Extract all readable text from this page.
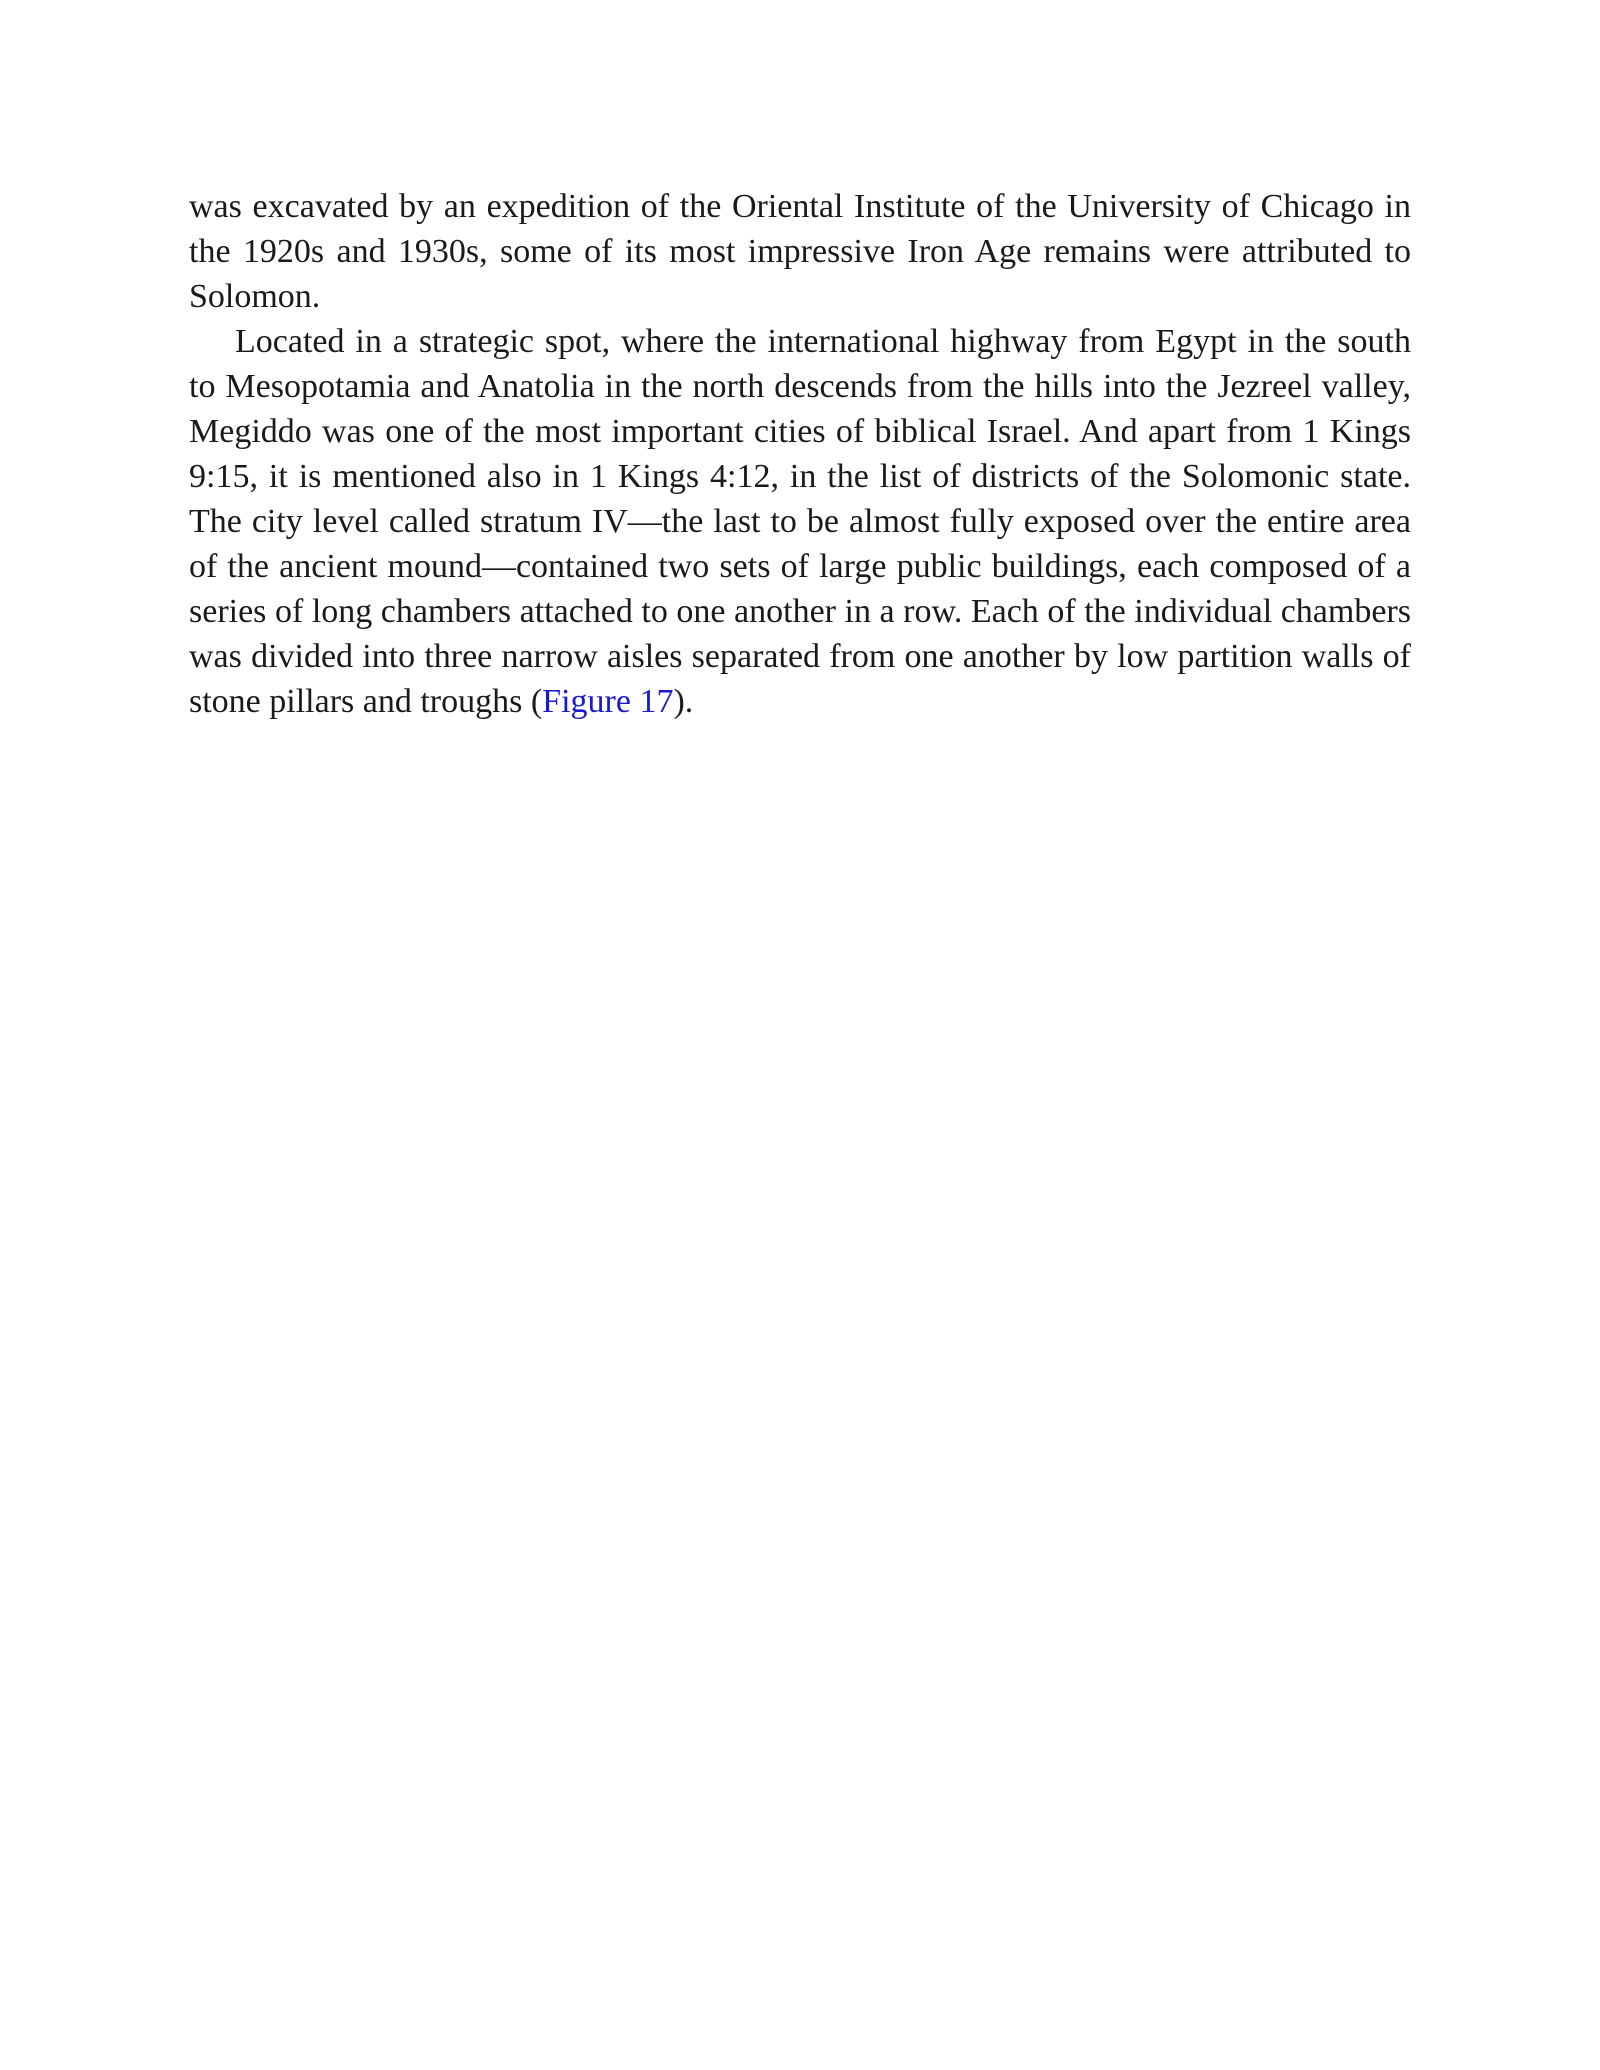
was excavated by an expedition of the Oriental Institute of the University of Chicago in the 1920s and 1930s, some of its most impressive Iron Age remains were attributed to Solomon.

Located in a strategic spot, where the international highway from Egypt in the south to Mesopotamia and Anatolia in the north descends from the hills into the Jezreel valley, Megiddo was one of the most important cities of biblical Israel. And apart from 1 Kings 9:15, it is mentioned also in 1 Kings 4:12, in the list of districts of the Solomonic state. The city level called stratum IV—the last to be almost fully exposed over the entire area of the ancient mound—contained two sets of large public buildings, each composed of a series of long chambers attached to one another in a row. Each of the individual chambers was divided into three narrow aisles separated from one another by low partition walls of stone pillars and troughs (Figure 17).
